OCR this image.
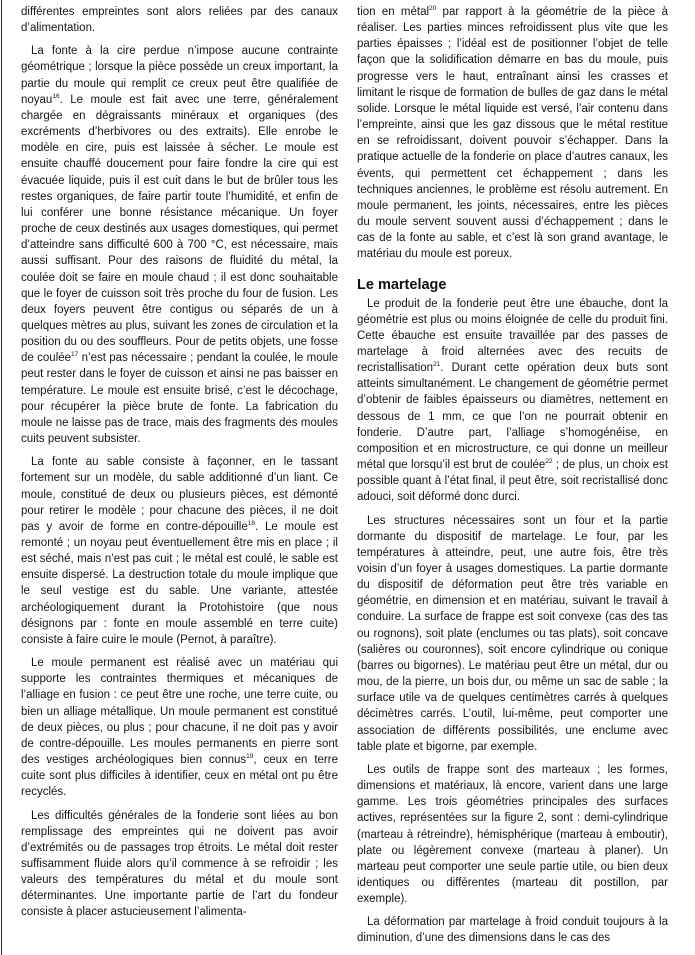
différentes empreintes sont alors reliées par des canaux d’alimentation.

La fonte à la cire perdue n’impose aucune contrainte géométrique ; lorsque la pièce possède un creux important, la partie du moule qui remplit ce creux peut être qualifiée de noyau$^{16}$. Le moule est fait avec une terre, généralement chargée en dégraissants minéraux et organiques (des excréments d’herbivores ou des extraits). Elle enrobe le modèle en cire, puis est laissée à sécher. Le moule est ensuite chauffé doucement pour faire fondre la cire qui est évacuée liquide, puis il est cuit dans le but de brûler tous les restes organiques, de faire partir toute l’humidité, et enfin de lui conférer une bonne résistance mécanique. Un foyer proche de ceux destinés aux usages domestiques, qui permet d’atteindre sans difficulté 600 à 700 °C, est nécessaire, mais aussi suffisant. Pour des raisons de fluidité du métal, la coulée doit se faire en moule chaud ; il est donc souhaitable que le foyer de cuisson soit très proche du four de fusion. Les deux foyers peuvent être contigus ou séparés de un à quelques mètres au plus, suivant les zones de circulation et la position du ou des souffleurs. Pour de petits objets, une fosse de coulée$^{17}$ n’est pas nécessaire ; pendant la coulée, le moule peut rester dans le foyer de cuisson et ainsi ne pas baisser en température. Le moule est ensuite brisé, c’est le décochage, pour récupérer la pièce brute de fonte. La fabrication du moule ne laisse pas de trace, mais des fragments des moules cuits peuvent subsister.

La fonte au sable consiste à façonner, en le tassant fortement sur un modèle, du sable additionné d’un liant. Ce moule, constitué de deux ou plusieurs pièces, est démonté pour retirer le modèle ; pour chacune des pièces, il ne doit pas y avoir de forme en contre-dépouille$^{18}$. Le moule est remonté ; un noyau peut éventuellement être mis en place ; il est séché, mais n’est pas cuit ; le métal est coulé, le sable est ensuite dispersé. La destruction totale du moule implique que le seul vestige est du sable. Une variante, attestée archéologiquement durant la Protohistoire (que nous désignons par : fonte en moule assemblé en terre cuite) consiste à faire cuire le moule (Pernot, à paraître).

Le moule permanent est réalisé avec un matériau qui supporte les contraintes thermiques et mécaniques de l’alliage en fusion : ce peut être une roche, une terre cuite, ou bien un alliage métallique. Un moule permanent est constitué de deux pièces, ou plus ; pour chacune, il ne doit pas y avoir de contre-dépouille. Les moules permanents en pierre sont des vestiges archéologiques bien connus$^{19}$, ceux en terre cuite sont plus difficiles à identifier, ceux en métal ont pu être recyclés.

Les difficultés générales de la fonderie sont liées au bon remplissage des empreintes qui ne doivent pas avoir d’extrémités ou de passages trop étroits. Le métal doit rester suffisamment fluide alors qu’il commence à se refroidir ; les valeurs des températures du métal et du moule sont déterminantes. Une importante partie de l’art du fondeur consiste à placer astucieusement l’alimenta-

tion en métal$^{20}$ par rapport à la géométrie de la pièce à réaliser. Les parties minces refroidissent plus vite que les parties épaisses ; l’idéal est de positionner l’objet de telle façon que la solidification démarre en bas du moule, puis progresse vers le haut, entraînant ainsi les crasses et limitant le risque de formation de bulles de gaz dans le métal solide. Lorsque le métal liquide est versé, l’air contenu dans l’empreinte, ainsi que les gaz dissous que le métal restitue en se refroidissant, doivent pouvoir s’échapper. Dans la pratique actuelle de la fonderie on place d’autres canaux, les évents, qui permettent cet échappement ; dans les techniques anciennes, le problème est résolu autrement. En moule permanent, les joints, nécessaires, entre les pièces du moule servent souvent aussi d’échappement ; dans le cas de la fonte au sable, et c’est là son grand avantage, le matériau du moule est poreux.

Le martelage

Le produit de la fonderie peut être une ébauche, dont la géométrie est plus ou moins éloignée de celle du produit fini. Cette ébauche est ensuite travaillée par des passes de martelage à froid alternées avec des recuits de recristallisation$^{21}$. Durant cette opération deux buts sont atteints simultanément. Le changement de géométrie permet d’obtenir de faibles épaisseurs ou diamètres, nettement en dessous de 1 mm, ce que l’on ne pourrait obtenir en fonderie. D’autre part, l’alliage s’homogénéise, en composition et en microstructure, ce qui donne un meilleur métal que lorsqu’il est brut de coulée$^{22}$ ; de plus, un choix est possible quant à l’état final, il peut être, soit recristallisé donc adouci, soit déformé donc durci.

Les structures nécessaires sont un four et la partie dormante du dispositif de martelage. Le four, par les températures à atteindre, peut, une autre fois, être très voisin d’un foyer à usages domestiques. La partie dormante du dispositif de déformation peut être très variable en géométrie, en dimension et en matériau, suivant le travail à conduire. La surface de frappe est soit convexe (cas des tas ou rognons), soit plate (enclumes ou tas plats), soit concave (salières ou couronnes), soit encore cylindrique ou conique (barres ou bigornes). Le matériau peut être un métal, dur ou mou, de la pierre, un bois dur, ou même un sac de sable ; la surface utile va de quelques centimètres carrés à quelques décimètres carrés. L’outil, lui-même, peut comporter une association de différents possibilités, une enclume avec table plate et bigorne, par exemple.

Les outils de frappe sont des marteaux ; les formes, dimensions et matériaux, là encore, varient dans une large gamme. Les trois géométries principales des surfaces actives, représentées sur la figure 2, sont : demi-cylindrique (marteau à rétreindre), hémisphérique (marteau à emboutir), plate ou légèrement convexe (marteau à planer). Un marteau peut comporter une seule partie utile, ou bien deux identiques ou différentes (marteau dit postillon, par exemple).

La déformation par martelage à froid conduit toujours à la diminution, d’une des dimensions dans le cas des
